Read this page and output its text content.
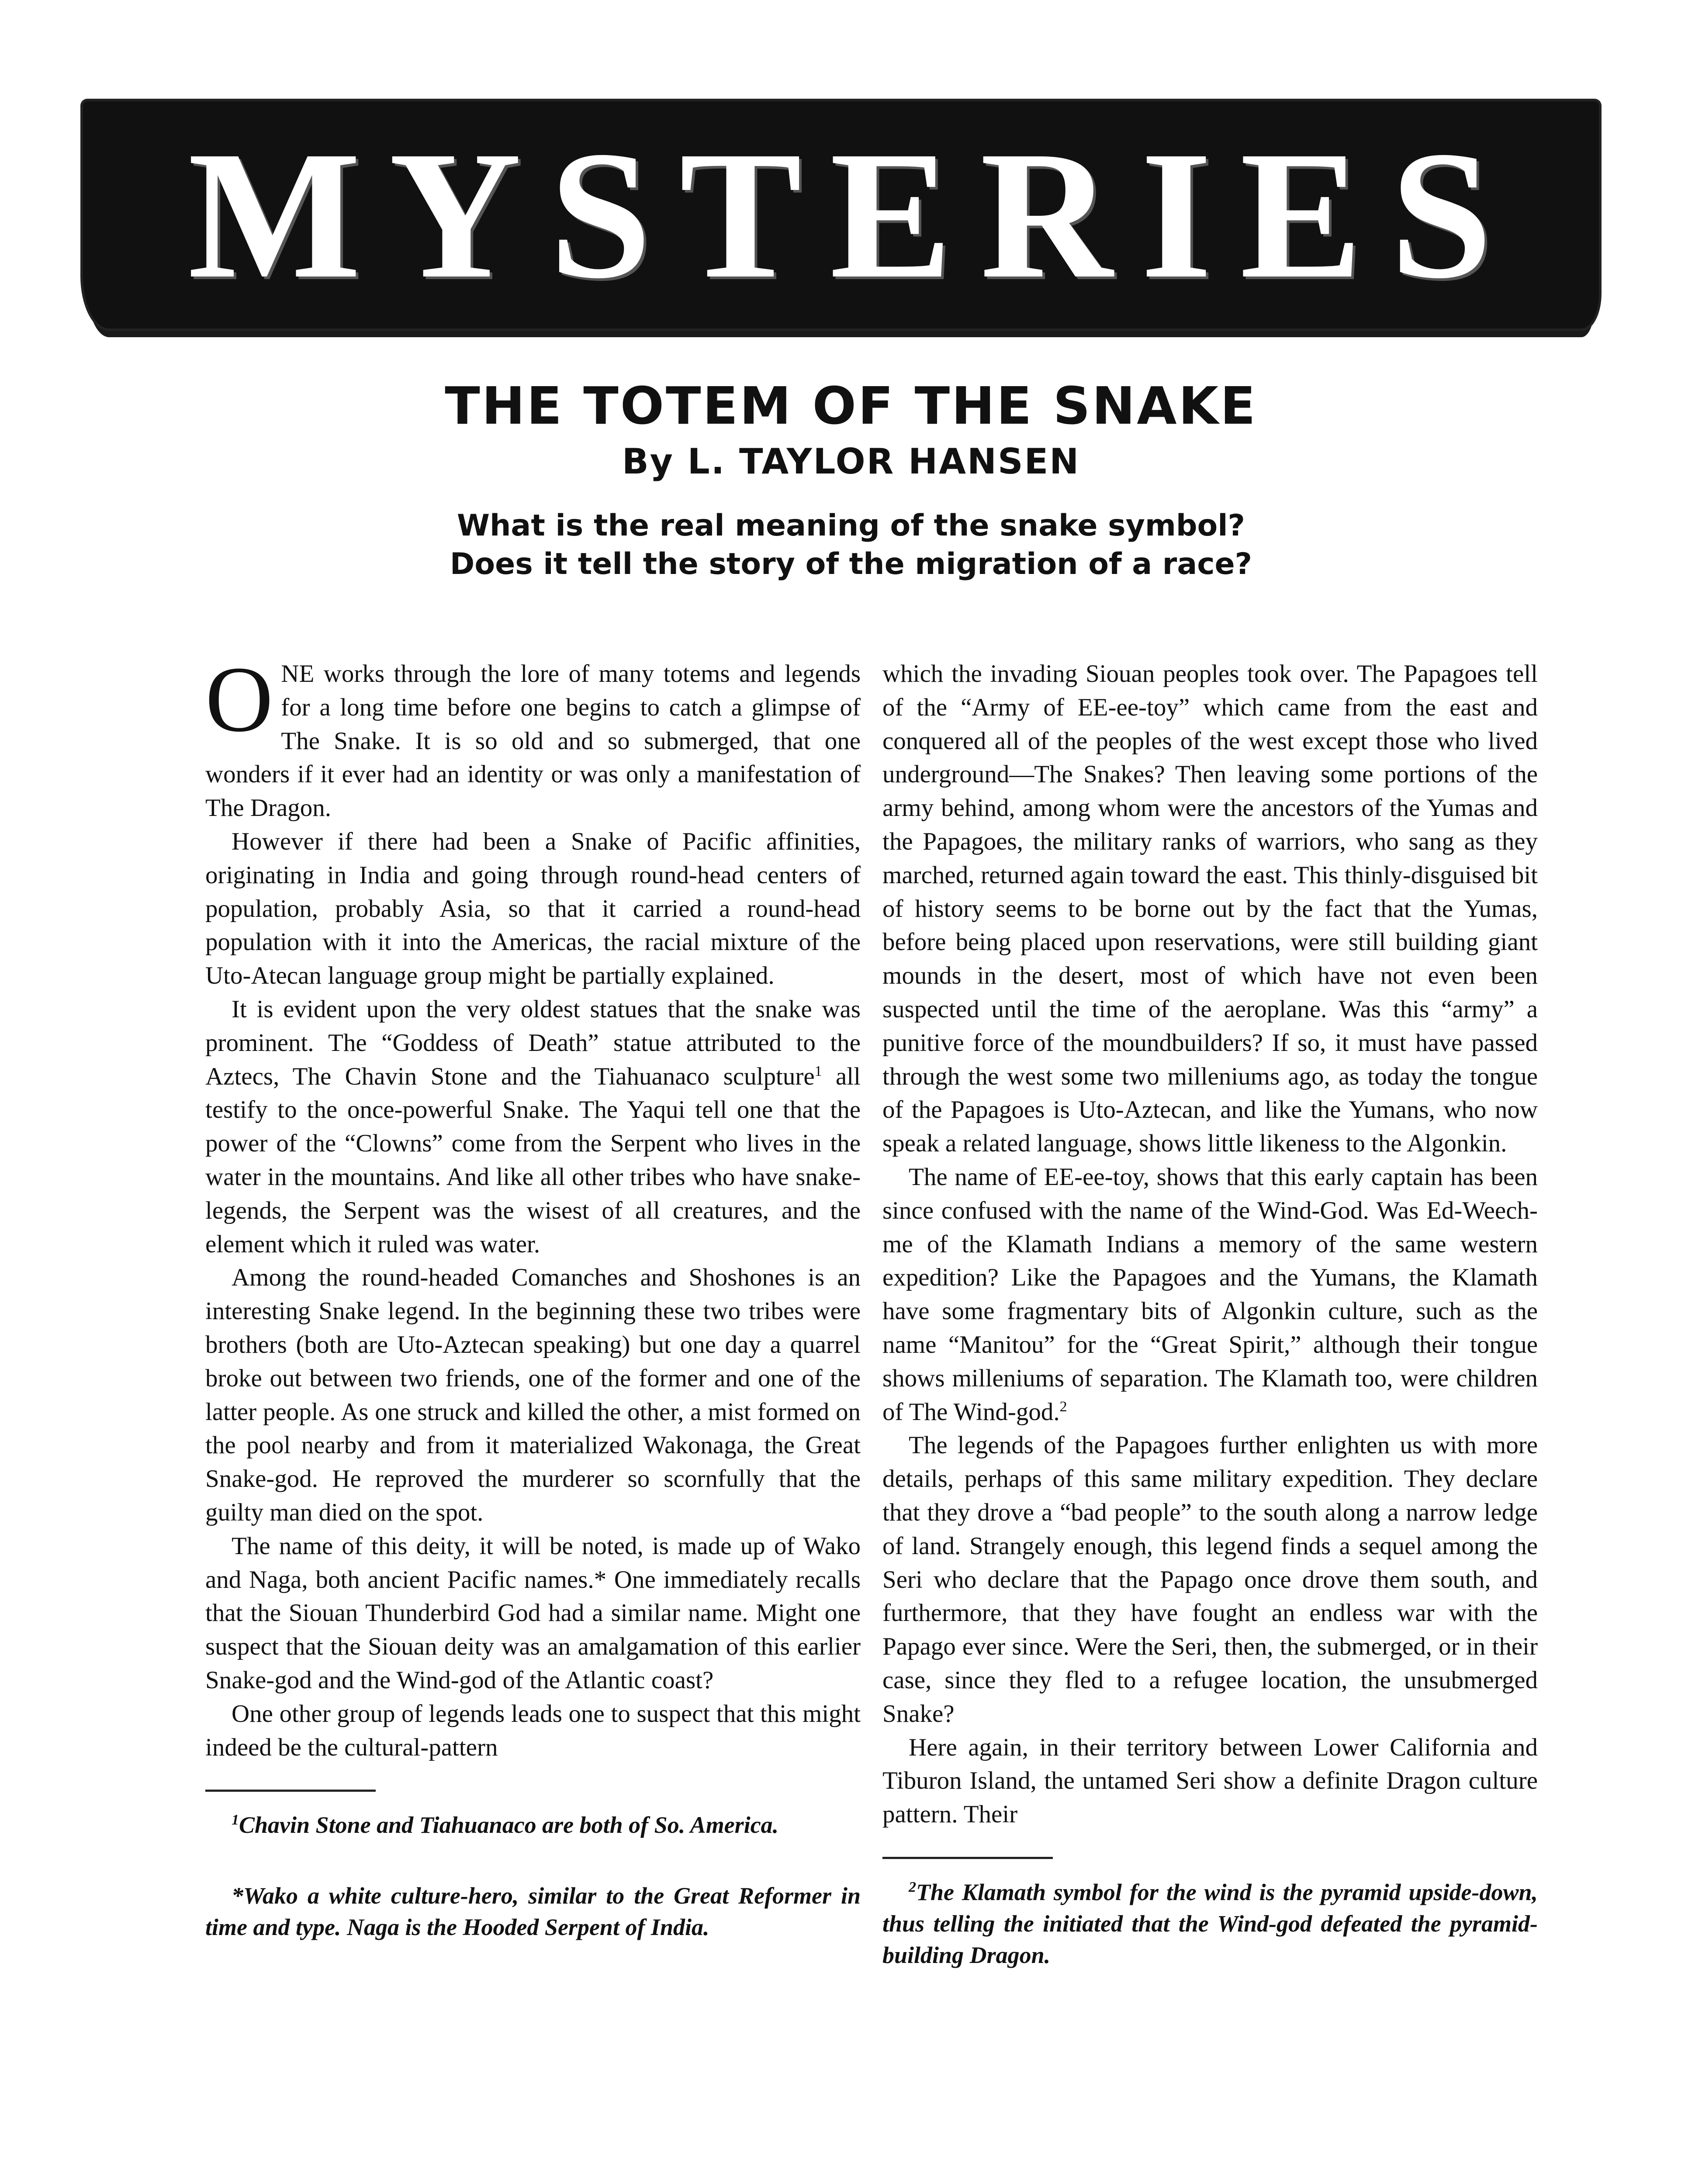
MYSTERIES
THE TOTEM OF THE SNAKE
By L. TAYLOR HANSEN
What is the real meaning of the snake symbol?
Does it tell the story of the migration of a race?

ONE works through the lore of many totems and legends for a long time before one begins to catch a glimpse of The Snake. It is so old and so submerged, that one wonders if it ever had an identity or was only a manifestation of The Dragon.

However if there had been a Snake of Pacific affinities, originating in India and going through round-head centers of population, probably Asia, so that it carried a round-head population with it into the Americas, the racial mixture of the Uto-Atecan language group might be partially explained.

It is evident upon the very oldest statues that the snake was prominent. The “Goddess of Death” statue attributed to the Aztecs, The Chavin Stone and the Tiahuanaco sculpture$^1$ all testify to the once-powerful Snake. The Yaqui tell one that the power of the “Clowns” come from the Serpent who lives in the water in the mountains. And like all other tribes who have snake-legends, the Serpent was the wisest of all creatures, and the element which it ruled was water.

Among the round-headed Comanches and Shoshones is an interesting Snake legend. In the beginning these two tribes were brothers (both are Uto-Aztecan speaking) but one day a quarrel broke out between two friends, one of the former and one of the latter people. As one struck and killed the other, a mist formed on the pool nearby and from it materialized Wakonaga, the Great Snake-god. He reproved the murderer so scornfully that the guilty man died on the spot.

The name of this deity, it will be noted, is made up of Wako and Naga, both ancient Pacific names.* One immediately recalls that the Siouan Thunderbird God had a similar name. Might one suspect that the Siouan deity was an amalgamation of this earlier Snake-god and the Wind-god of the Atlantic coast?

One other group of legends leads one to suspect that this might indeed be the cultural-pattern

$^1$Chavin Stone and Tiahuanaco are both of So. America.

*Wako a white culture-hero, similar to the Great Reformer in time and type. Naga is the Hooded Serpent of India.

which the invading Siouan peoples took over. The Papagoes tell of the “Army of EE-ee-toy” which came from the east and conquered all of the peoples of the west except those who lived underground—The Snakes? Then leaving some portions of the army behind, among whom were the ancestors of the Yumas and the Papagoes, the military ranks of warriors, who sang as they marched, returned again toward the east. This thinly-disguised bit of history seems to be borne out by the fact that the Yumas, before being placed upon reservations, were still building giant mounds in the desert, most of which have not even been suspected until the time of the aeroplane. Was this “army” a punitive force of the moundbuilders? If so, it must have passed through the west some two milleniums ago, as today the tongue of the Papagoes is Uto-Aztecan, and like the Yumans, who now speak a related language, shows little likeness to the Algonkin.

The name of EE-ee-toy, shows that this early captain has been since confused with the name of the Wind-God. Was Ed-Weech-me of the Klamath Indians a memory of the same western expedition? Like the Papagoes and the Yumans, the Klamath have some fragmentary bits of Algonkin culture, such as the name “Manitou” for the “Great Spirit,” although their tongue shows milleniums of separation. The Klamath too, were children of The Wind-god.$^2$

The legends of the Papagoes further enlighten us with more details, perhaps of this same military expedition. They declare that they drove a “bad people” to the south along a narrow ledge of land. Strangely enough, this legend finds a sequel among the Seri who declare that the Papago once drove them south, and furthermore, that they have fought an endless war with the Papago ever since. Were the Seri, then, the submerged, or in their case, since they fled to a refugee location, the unsubmerged Snake?

Here again, in their territory between Lower California and Tiburon Island, the untamed Seri show a definite Dragon culture pattern. Their

$^2$The Klamath symbol for the wind is the pyramid upside-down, thus telling the initiated that the Wind-god defeated the pyramid-building Dragon.
